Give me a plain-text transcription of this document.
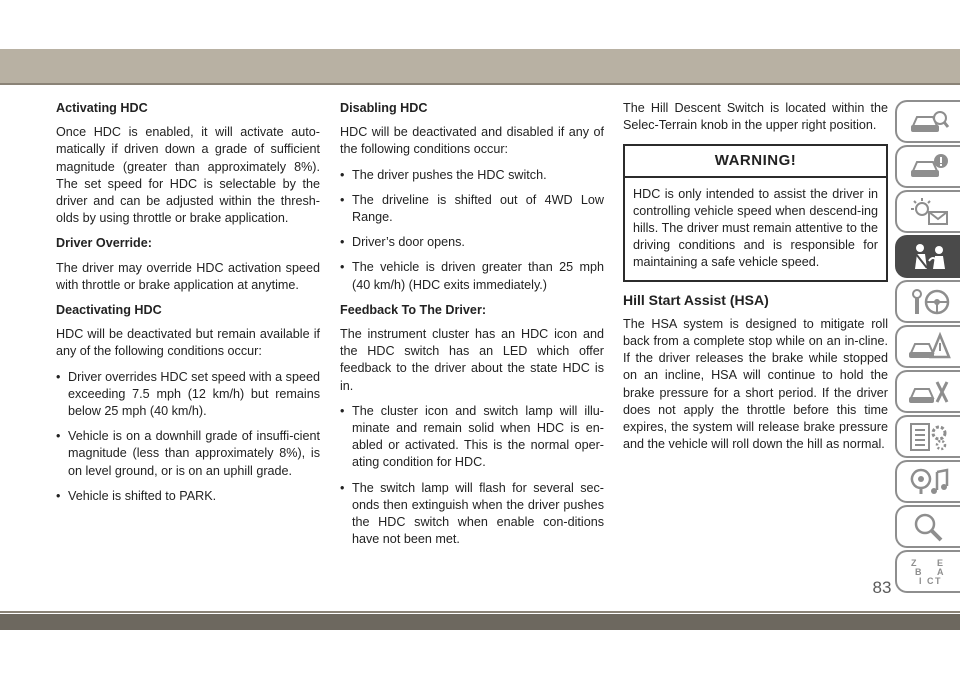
Activating HDC

Once HDC is enabled, it will activate auto-matically if driven down a grade of sufficient magnitude (greater than approximately 8%). The set speed for HDC is selectable by the driver and can be adjusted within the thresh-olds by using throttle or brake application.

Driver Override:

The driver may override HDC activation speed with throttle or brake application at anytime.

Deactivating HDC

HDC will be deactivated but remain available if any of the following conditions occur:

• Driver overrides HDC set speed with a speed exceeding 7.5 mph (12 km/h) but remains below 25 mph (40 km/h).
• Vehicle is on a downhill grade of insuffi-cient magnitude (less than approximately 8%), is on level ground, or is on an uphill grade.
• Vehicle is shifted to PARK.
Disabling HDC

HDC will be deactivated and disabled if any of the following conditions occur:

• The driver pushes the HDC switch.
• The driveline is shifted out of 4WD Low Range.
• Driver’s door opens.
• The vehicle is driven greater than 25 mph (40 km/h) (HDC exits immediately.)
Feedback To The Driver:

The instrument cluster has an HDC icon and the HDC switch has an LED which offer feedback to the driver about the state HDC is in.

• The cluster icon and switch lamp will illu-minate and remain solid when HDC is en-abled or activated. This is the normal oper-ating condition for HDC.
• The switch lamp will flash for several sec-onds then extinguish when the driver pushes the HDC switch when enable con-ditions have not been met.

The Hill Descent Switch is located within the Selec-Terrain knob in the upper right position.

WARNING!
HDC is only intended to assist the driver in controlling vehicle speed when descend-ing hills. The driver must remain attentive to the driving conditions and is responsible for maintaining a safe vehicle speed.
Hill Start Assist (HSA)

The HSA system is designed to mitigate roll back from a complete stop while on an in-cline. If the driver releases the brake while stopped on an incline, HSA will continue to hold the brake pressure for a short period. If the driver does not apply the throttle before this time expires, the system will release brake pressure and the vehicle will roll down the hill as normal.

Z E
B A
I C T
83
